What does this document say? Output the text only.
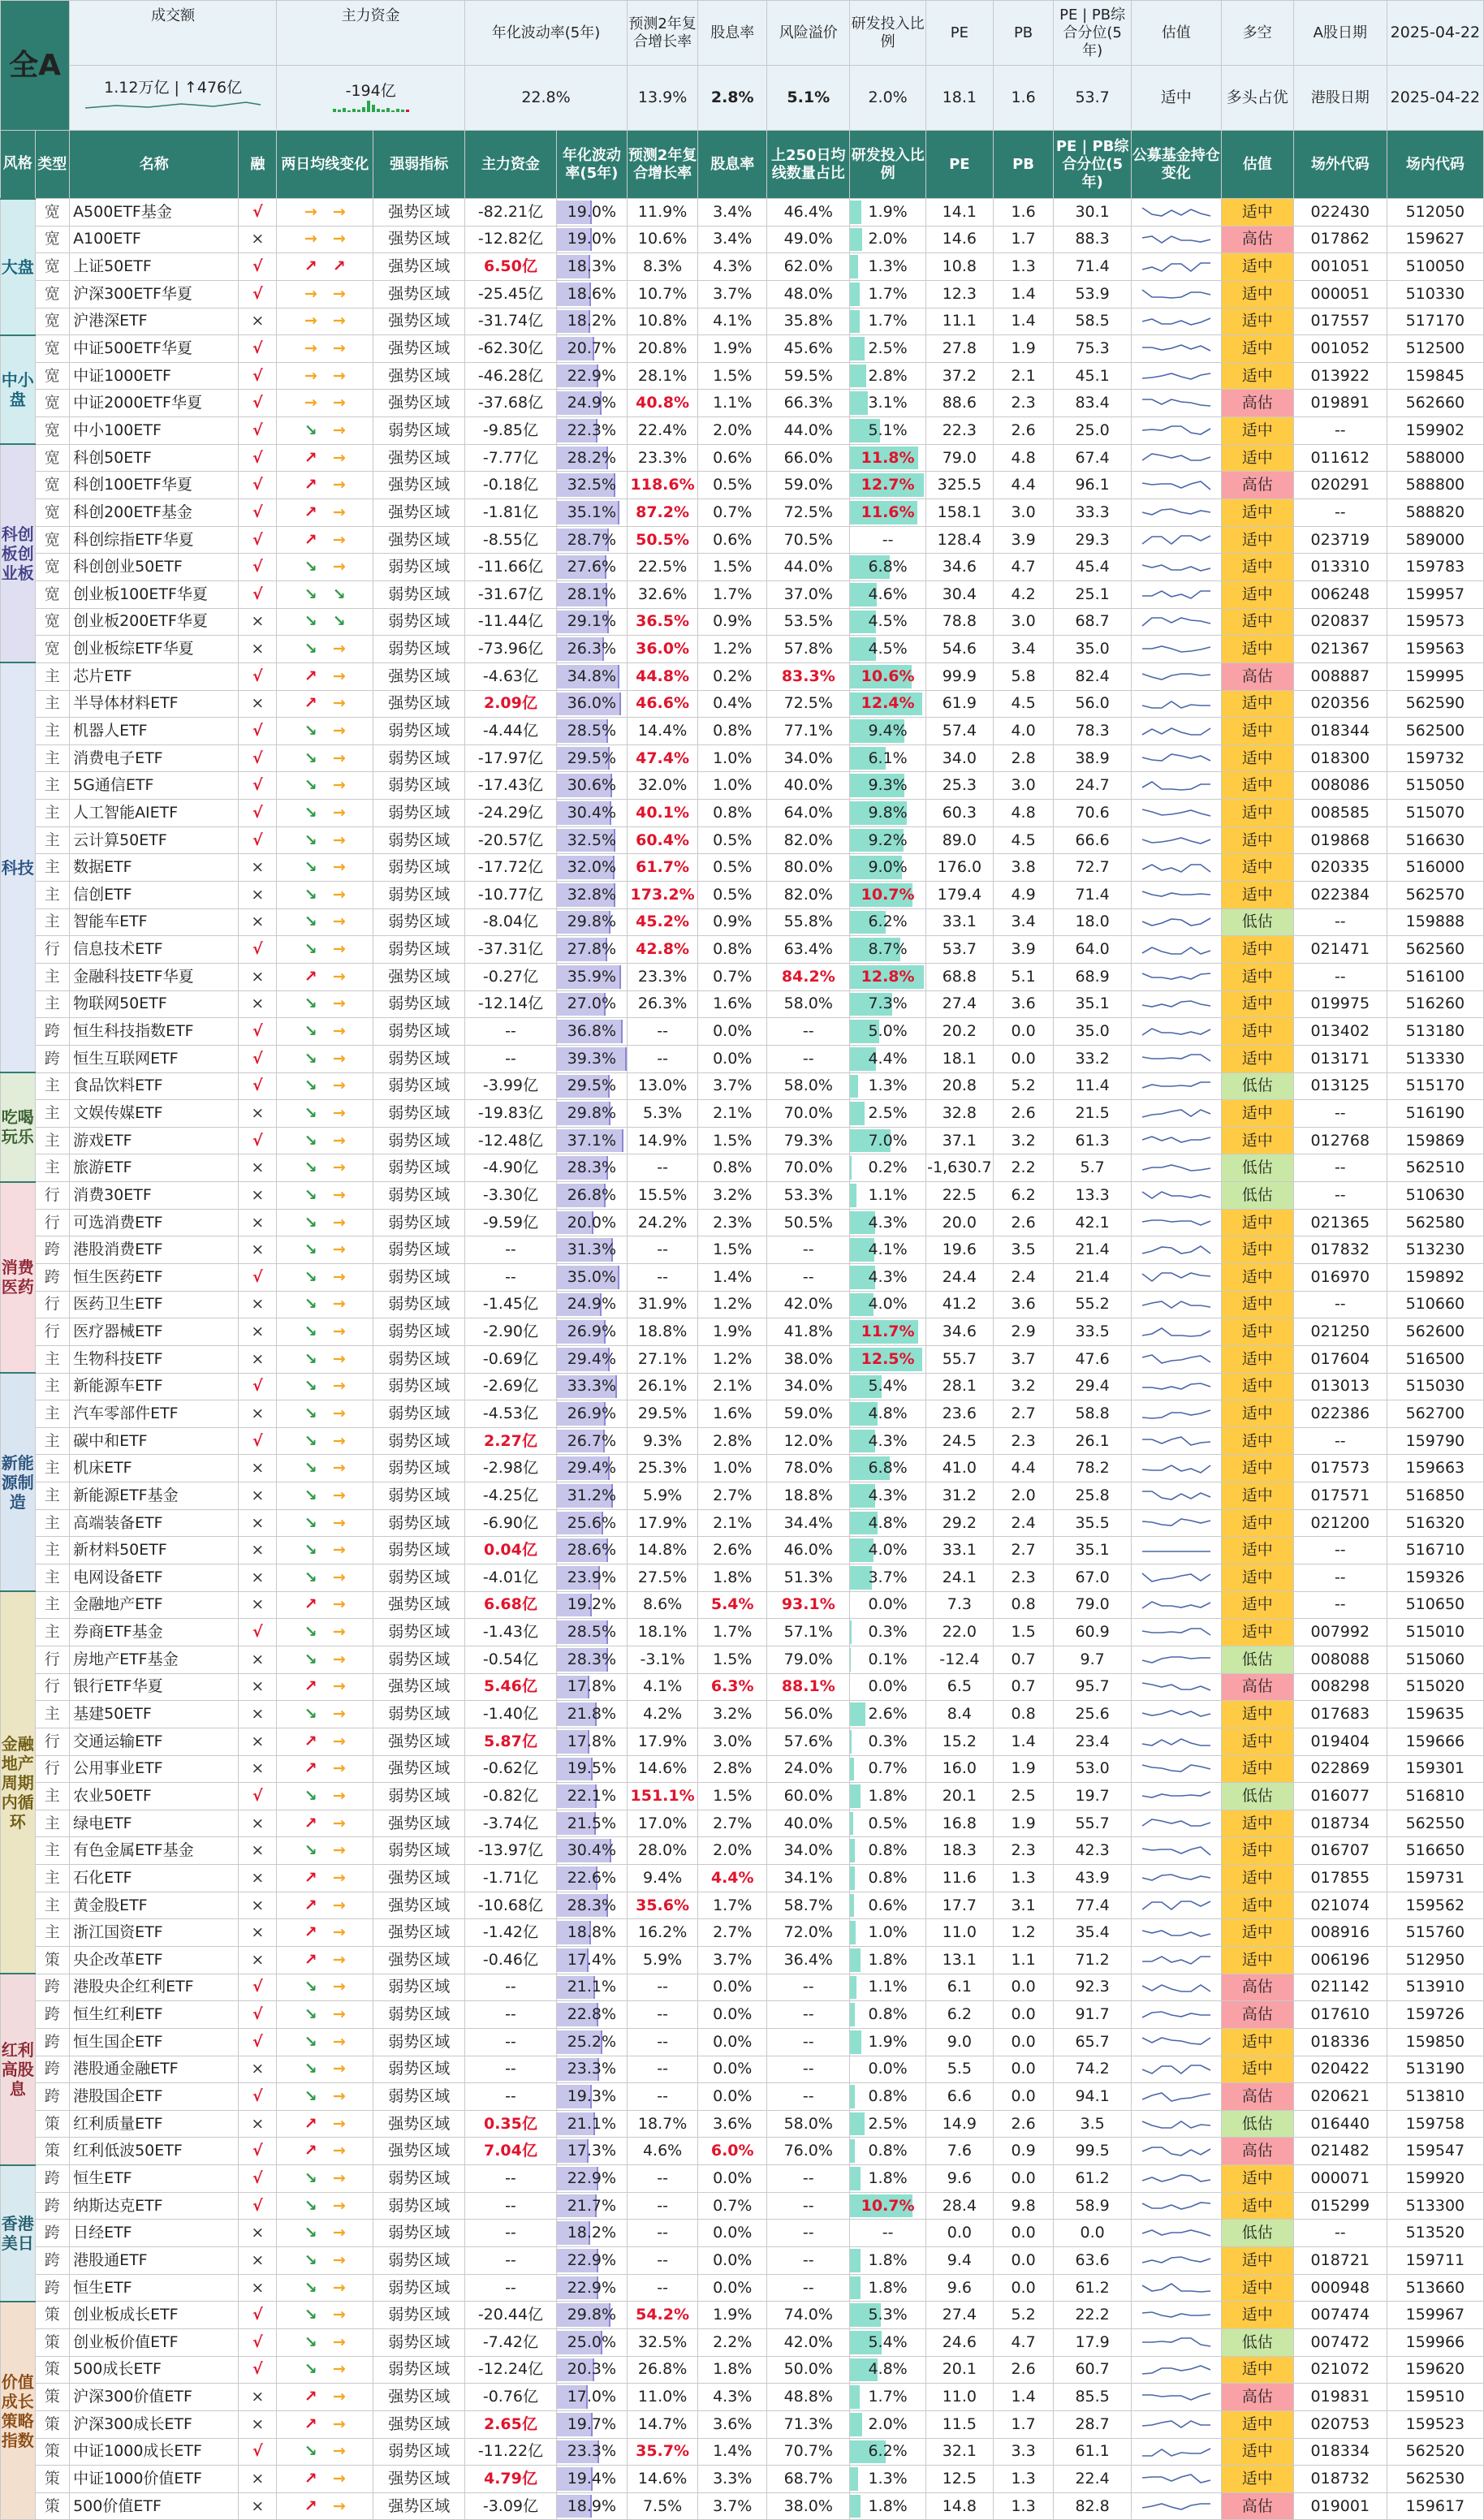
全A		成交额		主力资金		年化波动率(5年)		预测2年复合增长率	股息率	风险溢价	研发投入比例	PE	PB	PE | PB综合分位(5年)	估值	多空	A股日期	2025-04-22

		1.12万亿 | ↑476亿		-194亿		22.8%		13.9%	2.8%	5.1%	2.0%	18.1	1.6	53.7	适中	多头占优	港股日期	2025-04-22
风格	类型	名称	融	两日均线变化	强弱指标	主力资金	年化波动率(5年)	预测2年复合增长率	股息率	上250日均线数量占比	研发投入比例	PE	PB	PE | PB综合分位(5年)	公募基金持仓变化	估值	场外代码	场内代码
大盘	宽	A500ETF基金	√	→  →	强势区域	-82.21亿	19.0%	11.9%	3.4%	46.4%	1.9%	14.1	1.6	30.1		适中	022430	512050
	宽	A100ETF	×	→  →	强势区域	-12.82亿	19.0%	10.6%	3.4%	49.0%	2.0%	14.6	1.7	88.3		高估	017862	159627
	宽	上证50ETF	√	↗  ↗	强势区域	6.50亿	18.3%	8.3%	4.3%	62.0%	1.3%	10.8	1.3	71.4		适中	001051	510050
	宽	沪深300ETF华夏	√	→  →	强势区域	-25.45亿	18.6%	10.7%	3.7%	48.0%	1.7%	12.3	1.4	53.9		适中	000051	510330
	宽	沪港深ETF	×	→  →	强势区域	-31.74亿	18.2%	10.8%	4.1%	35.8%	1.7%	11.1	1.4	58.5		适中	017557	517170
中小盘	宽	中证500ETF华夏	√	→  →	强势区域	-62.30亿	20.7%	20.8%	1.9%	45.6%	2.5%	27.8	1.9	75.3		适中	001052	512500
	宽	中证1000ETF	√	→  →	强势区域	-46.28亿	22.9%	28.1%	1.5%	59.5%	2.8%	37.2	2.1	45.1		适中	013922	159845
	宽	中证2000ETF华夏	√	→  →	强势区域	-37.68亿	24.9%	40.8%	1.1%	66.3%	3.1%	88.6	2.3	83.4		高估	019891	562660
	宽	中小100ETF	√	↘  →	弱势区域	-9.85亿	22.3%	22.4%	2.0%	44.0%	5.1%	22.3	2.6	25.0		适中	--	159902
科创板创业板	宽	科创50ETF	√	↗  →	强势区域	-7.77亿	28.2%	23.3%	0.6%	66.0%	11.8%	79.0	4.8	67.4		适中	011612	588000
	宽	科创100ETF华夏	√	↗  →	强势区域	-0.18亿	32.5%	118.6%	0.5%	59.0%	12.7%	325.5	4.4	96.1		高估	020291	588800
	宽	科创200ETF基金	√	↗  →	强势区域	-1.81亿	35.1%	87.2%	0.7%	72.5%	11.6%	158.1	3.0	33.3		适中	--	588820
	宽	科创综指ETF华夏	√	↗  →	强势区域	-8.55亿	28.7%	50.5%	0.6%	70.5%	--	128.4	3.9	29.3		适中	023719	589000
	宽	科创创业50ETF	√	↘  →	弱势区域	-11.66亿	27.6%	22.5%	1.5%	44.0%	6.8%	34.6	4.7	45.4		适中	013310	159783
	宽	创业板100ETF华夏	√	↘  ↘	弱势区域	-31.67亿	28.1%	32.6%	1.7%	37.0%	4.6%	30.4	4.2	25.1		适中	006248	159957
	宽	创业板200ETF华夏	×	↘  ↘	弱势区域	-11.44亿	29.1%	36.5%	0.9%	53.5%	4.5%	78.8	3.0	68.7		适中	020837	159573
	宽	创业板综ETF华夏	×	↘  →	弱势区域	-73.96亿	26.3%	36.0%	1.2%	57.8%	4.5%	54.6	3.4	35.0		适中	021367	159563
科技	主	芯片ETF	√	↗  →	强势区域	-4.63亿	34.8%	44.8%	0.2%	83.3%	10.6%	99.9	5.8	82.4		高估	008887	159995
	主	半导体材料ETF	×	↗  →	强势区域	2.09亿	36.0%	46.6%	0.4%	72.5%	12.4%	61.9	4.5	56.0		适中	020356	562590
	主	机器人ETF	√	↘  →	弱势区域	-4.44亿	28.5%	14.4%	0.8%	77.1%	9.4%	57.4	4.0	78.3		适中	018344	562500
	主	消费电子ETF	√	↘  →	弱势区域	-17.97亿	29.5%	47.4%	1.0%	34.0%	6.1%	34.0	2.8	38.9		适中	018300	159732
	主	5G通信ETF	√	↘  →	弱势区域	-17.43亿	30.6%	32.0%	1.0%	40.0%	9.3%	25.3	3.0	24.7		适中	008086	515050
	主	人工智能AIETF	√	↘  →	弱势区域	-24.29亿	30.4%	40.1%	0.8%	64.0%	9.8%	60.3	4.8	70.6		适中	008585	515070
	主	云计算50ETF	√	↘  →	弱势区域	-20.57亿	32.5%	60.4%	0.5%	82.0%	9.2%	89.0	4.5	66.6		适中	019868	516630
	主	数据ETF	×	↘  →	弱势区域	-17.72亿	32.0%	61.7%	0.5%	80.0%	9.0%	176.0	3.8	72.7		适中	020335	516000
	主	信创ETF	×	↘  →	弱势区域	-10.77亿	32.8%	173.2%	0.5%	82.0%	10.7%	179.4	4.9	71.4		适中	022384	562570
	主	智能车ETF	×	↘  →	弱势区域	-8.04亿	29.8%	45.2%	0.9%	55.8%	6.2%	33.1	3.4	18.0		低估	--	159888
	行	信息技术ETF	√	↘  →	弱势区域	-37.31亿	27.8%	42.8%	0.8%	63.4%	8.7%	53.7	3.9	64.0		适中	021471	562560
	主	金融科技ETF华夏	×	↗  →	强势区域	-0.27亿	35.9%	23.3%	0.7%	84.2%	12.8%	68.8	5.1	68.9		适中	--	516100
	主	物联网50ETF	×	↘  →	弱势区域	-12.14亿	27.0%	26.3%	1.6%	58.0%	7.3%	27.4	3.6	35.1		适中	019975	516260
	跨	恒生科技指数ETF	√	↘  →	弱势区域	--	36.8%	--	0.0%	--	5.0%	20.2	0.0	35.0		适中	013402	513180
	跨	恒生互联网ETF	√	↘  →	弱势区域	--	39.3%	--	0.0%	--	4.4%	18.1	0.0	33.2		适中	013171	513330
吃喝玩乐	主	食品饮料ETF	√	↘  →	弱势区域	-3.99亿	29.5%	13.0%	3.7%	58.0%	1.3%	20.8	5.2	11.4		低估	013125	515170
	主	文娱传媒ETF	×	↘  →	弱势区域	-19.83亿	29.8%	5.3%	2.1%	70.0%	2.5%	32.8	2.6	21.5		适中	--	516190
	主	游戏ETF	√	↘  →	弱势区域	-12.48亿	37.1%	14.9%	1.5%	79.3%	7.0%	37.1	3.2	61.3		适中	012768	159869
	主	旅游ETF	×	↘  →	弱势区域	-4.90亿	28.3%	--	0.8%	70.0%	0.2%	-1,630.7	2.2	5.7		低估	--	562510
消费医药	行	消费30ETF	×	↘  →	弱势区域	-3.30亿	26.8%	15.5%	3.2%	53.3%	1.1%	22.5	6.2	13.3		低估	--	510630
	行	可选消费ETF	×	↘  →	弱势区域	-9.59亿	20.0%	24.2%	2.3%	50.5%	4.3%	20.0	2.6	42.1		适中	021365	562580
	跨	港股消费ETF	×	↘  →	弱势区域	--	31.3%	--	1.5%	--	4.1%	19.6	3.5	21.4		适中	017832	513230
	跨	恒生医药ETF	√	↘  →	弱势区域	--	35.0%	--	1.4%	--	4.3%	24.4	2.4	21.4		适中	016970	159892
	行	医药卫生ETF	×	↘  →	弱势区域	-1.45亿	24.9%	31.9%	1.2%	42.0%	4.0%	41.2	3.6	55.2		适中	--	510660
	行	医疗器械ETF	×	↘  →	弱势区域	-2.90亿	26.9%	18.8%	1.9%	41.8%	11.7%	34.6	2.9	33.5		适中	021250	562600
	主	生物科技ETF	×	↘  →	弱势区域	-0.69亿	29.4%	27.1%	1.2%	38.0%	12.5%	55.7	3.7	47.6		适中	017604	516500
新能源制造	主	新能源车ETF	√	↘  →	弱势区域	-2.69亿	33.3%	26.1%	2.1%	34.0%	5.4%	28.1	3.2	29.4		适中	013013	515030
	主	汽车零部件ETF	×	↘  →	弱势区域	-4.53亿	26.9%	29.5%	1.6%	59.0%	4.8%	23.6	2.7	58.8		适中	022386	562700
	主	碳中和ETF	√	↘  →	弱势区域	2.27亿	26.7%	9.3%	2.8%	12.0%	4.3%	24.5	2.3	26.1		适中	--	159790
	主	机床ETF	×	↘  →	弱势区域	-2.98亿	29.4%	25.3%	1.0%	78.0%	6.8%	41.0	4.4	78.2		适中	017573	159663
	主	新能源ETF基金	×	↘  →	弱势区域	-4.25亿	31.2%	5.9%	2.7%	18.8%	4.3%	31.2	2.0	25.8		适中	017571	516850
	主	高端装备ETF	×	↘  →	弱势区域	-6.90亿	25.6%	17.9%	2.1%	34.4%	4.8%	29.2	2.4	35.5		适中	021200	516320
	主	新材料50ETF	×	↘  →	弱势区域	0.04亿	28.6%	14.8%	2.6%	46.0%	4.0%	33.1	2.7	35.1		适中	--	516710
	主	电网设备ETF	×	↘  →	弱势区域	-4.01亿	23.9%	27.5%	1.8%	51.3%	3.7%	24.1	2.3	67.0		适中	--	159326
金融地产周期内循环	主	金融地产ETF	×	↗  →	强势区域	6.68亿	19.2%	8.6%	5.4%	93.1%	0.0%	7.3	0.8	79.0		适中	--	510650
	主	券商ETF基金	√	↘  →	弱势区域	-1.43亿	28.5%	18.1%	1.7%	57.1%	0.3%	22.0	1.5	60.9		适中	007992	515010
	行	房地产ETF基金	×	↘  →	弱势区域	-0.54亿	28.3%	-3.1%	1.5%	79.0%	0.1%	-12.4	0.7	9.7		低估	008088	515060
	行	银行ETF华夏	×	↗  →	强势区域	5.46亿	17.8%	4.1%	6.3%	88.1%	0.0%	6.5	0.7	95.7		高估	008298	515020
	主	基建50ETF	×	↘  →	弱势区域	-1.40亿	21.8%	4.2%	3.2%	56.0%	2.6%	8.4	0.8	25.6		适中	017683	159635
	行	交通运输ETF	×	↗  →	强势区域	5.87亿	17.8%	17.9%	3.0%	57.6%	0.3%	15.2	1.4	23.4		适中	019404	159666
	行	公用事业ETF	×	↗  →	强势区域	-0.62亿	19.5%	14.6%	2.8%	24.0%	0.7%	16.0	1.9	53.0		适中	022869	159301
	主	农业50ETF	√	↘  →	弱势区域	-0.82亿	22.1%	151.1%	1.5%	60.0%	1.8%	20.1	2.5	19.7		低估	016077	516810
	主	绿电ETF	×	↗  →	强势区域	-3.74亿	21.5%	17.0%	2.7%	40.0%	0.5%	16.8	1.9	55.7		适中	018734	562550
	主	有色金属ETF基金	×	↘  →	弱势区域	-13.97亿	30.4%	28.0%	2.0%	34.0%	0.8%	18.3	2.3	42.3		适中	016707	516650
	主	石化ETF	×	↗  →	强势区域	-1.71亿	22.6%	9.4%	4.4%	34.1%	0.8%	11.6	1.3	43.9		适中	017855	159731
	主	黄金股ETF	×	↗  →	强势区域	-10.68亿	28.3%	35.6%	1.7%	58.7%	0.6%	17.7	3.1	77.4		适中	021074	159562
	主	浙江国资ETF	×	↗  →	强势区域	-1.42亿	18.8%	16.2%	2.7%	72.0%	1.0%	11.0	1.2	35.4		适中	008916	515760
	策	央企改革ETF	×	↗  →	强势区域	-0.46亿	17.4%	5.9%	3.7%	36.4%	1.8%	13.1	1.1	71.2		适中	006196	512950
红利高股息	跨	港股央企红利ETF	√	↘  →	弱势区域	--	21.1%	--	0.0%	--	1.1%	6.1	0.0	92.3		高估	021142	513910
	跨	恒生红利ETF	√	↘  →	弱势区域	--	22.8%	--	0.0%	--	0.8%	6.2	0.0	91.7		高估	017610	159726
	跨	恒生国企ETF	√	↘  →	弱势区域	--	25.2%	--	0.0%	--	1.9%	9.0	0.0	65.7		适中	018336	159850
	跨	港股通金融ETF	×	↘  →	弱势区域	--	23.3%	--	0.0%	--	0.0%	5.5	0.0	74.2		适中	020422	513190
	跨	港股国企ETF	√	↘  →	弱势区域	--	19.3%	--	0.0%	--	0.8%	6.6	0.0	94.1		高估	020621	513810
	策	红利质量ETF	×	↗  →	强势区域	0.35亿	21.1%	18.7%	3.6%	58.0%	2.5%	14.9	2.6	3.5		低估	016440	159758
	策	红利低波50ETF	√	↗  →	强势区域	7.04亿	17.3%	4.6%	6.0%	76.0%	0.8%	7.6	0.9	99.5		高估	021482	159547
香港美日	跨	恒生ETF	√	↘  →	弱势区域	--	22.9%	--	0.0%	--	1.8%	9.6	0.0	61.2		适中	000071	159920
	跨	纳斯达克ETF	√	↘  →	弱势区域	--	21.7%	--	0.7%	--	10.7%	28.4	9.8	58.9		适中	015299	513300
	跨	日经ETF	×	↘  →	弱势区域	--	18.2%	--	0.0%	--	--	0.0	0.0	0.0		低估	--	513520
	跨	港股通ETF	×	↘  →	弱势区域	--	22.9%	--	0.0%	--	1.8%	9.4	0.0	63.6		适中	018721	159711
	跨	恒生ETF	×	↘  →	弱势区域	--	22.9%	--	0.0%	--	1.8%	9.6	0.0	61.2		适中	000948	513660
价值成长策略指数	策	创业板成长ETF	√	↘  →	弱势区域	-20.44亿	29.8%	54.2%	1.9%	74.0%	5.3%	27.4	5.2	22.2		适中	007474	159967
	策	创业板价值ETF	√	↘  →	弱势区域	-7.42亿	25.0%	32.5%	2.2%	42.0%	5.4%	24.6	4.7	17.9		低估	007472	159966
	策	500成长ETF	√	↘  →	弱势区域	-12.24亿	20.3%	26.8%	1.8%	50.0%	4.8%	20.1	2.6	60.7		适中	021072	159620
	策	沪深300价值ETF	×	↗  →	强势区域	-0.76亿	17.0%	11.0%	4.3%	48.8%	1.7%	11.0	1.4	85.5		高估	019831	159510
	策	沪深300成长ETF	×	↗  →	强势区域	2.65亿	19.7%	14.7%	3.6%	71.3%	2.0%	11.5	1.7	28.7		适中	020753	159523
	策	中证1000成长ETF	√	↘  →	弱势区域	-11.22亿	23.3%	35.7%	1.4%	70.7%	6.2%	32.1	3.3	61.1		适中	018334	562520
	策	中证1000价值ETF	×	↗  →	强势区域	4.79亿	19.4%	14.6%	3.3%	68.7%	1.3%	12.5	1.3	22.4		适中	018732	562530
	策	500价值ETF	×	↗  →	强势区域	-3.09亿	18.9%	7.5%	3.7%	38.0%	1.8%	14.8	1.3	82.8		高估	019001	159617
